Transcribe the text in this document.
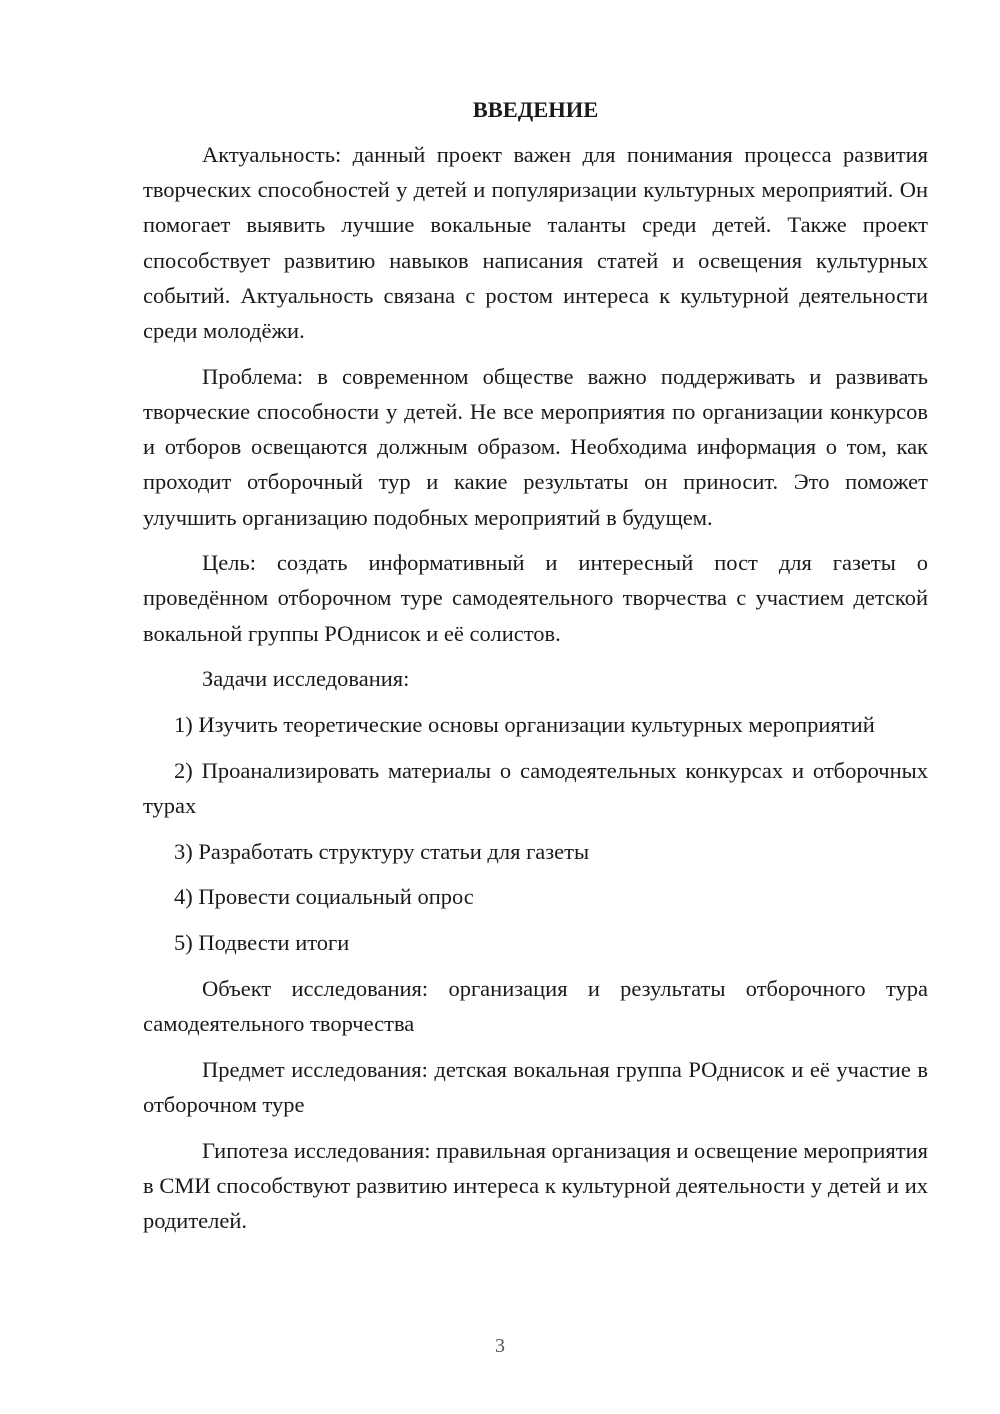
ВВЕДЕНИЕ

Актуальность: данный проект важен для понимания процесса развития творческих способностей у детей и популяризации культурных мероприятий. Он помогает выявить лучшие вокальные таланты среди детей. Также проект способствует развитию навыков написания статей и освещения культурных событий. Актуальность связана с ростом интереса к культурной деятельности среди молодёжи.

Проблема: в современном обществе важно поддерживать и развивать творческие способности у детей. Не все мероприятия по организации конкурсов и отборов освещаются должным образом. Необходима информация о том, как проходит отборочный тур и какие результаты он приносит. Это поможет улучшить организацию подобных мероприятий в будущем.

Цель: создать информативный и интересный пост для газеты о проведённом отборочном туре самодеятельного творчества с участием детской вокальной группы РОднисок и её солистов.

Задачи исследования:

1) Изучить теоретические основы организации культурных мероприятий

2) Проанализировать материалы о самодеятельных конкурсах и отборочных турах

3) Разработать структуру статьи для газеты

4) Провести социальный опрос

5) Подвести итоги

Объект исследования: организация и результаты отборочного тура самодеятельного творчества

Предмет исследования: детская вокальная группа РОднисок и её участие в отборочном туре

Гипотеза исследования: правильная организация и освещение мероприятия в СМИ способствуют развитию интереса к культурной деятельности у детей и их родителей.

3
